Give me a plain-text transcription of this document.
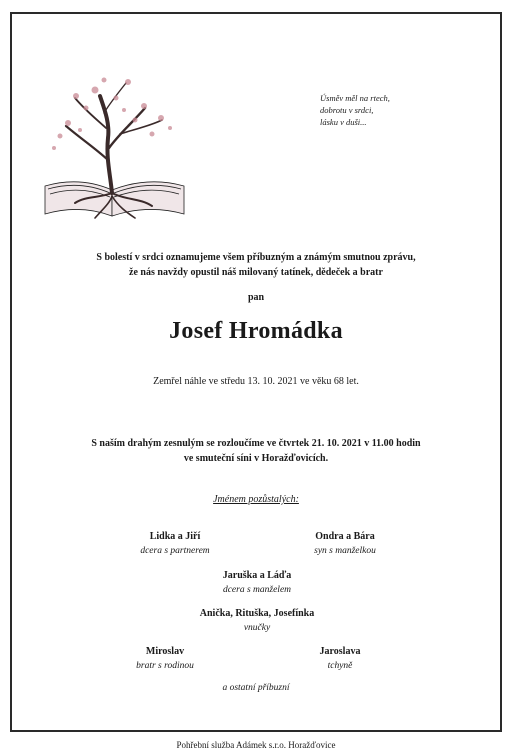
Úsměv měl na rtech,
dobrotu v srdci,
lásku v duši...
S bolestí v srdci oznamujeme všem příbuzným a známým smutnou zprávu,
že nás navždy opustil náš milovaný tatínek, dědeček a bratr
pan
Josef Hromádka
Zemřel náhle ve středu 13. 10. 2021 ve věku 68 let.
S naším drahým zesnulým se rozloučíme ve čtvrtek 21. 10. 2021 v 11.00 hodin
ve smuteční síni v Horažďovicích.
Jménem pozůstalých:
Lidka a Jiří
dcera s partnerem
Ondra a Bára
syn s manželkou
Jaruška a Láďa
dcera s manželem
Anička, Rituška, Josefínka
vnučky
Miroslav
bratr s rodinou
Jaroslava
tchyně
a ostatní příbuzní
Pohřební služba Adámek s.r.o. Horažďovice
